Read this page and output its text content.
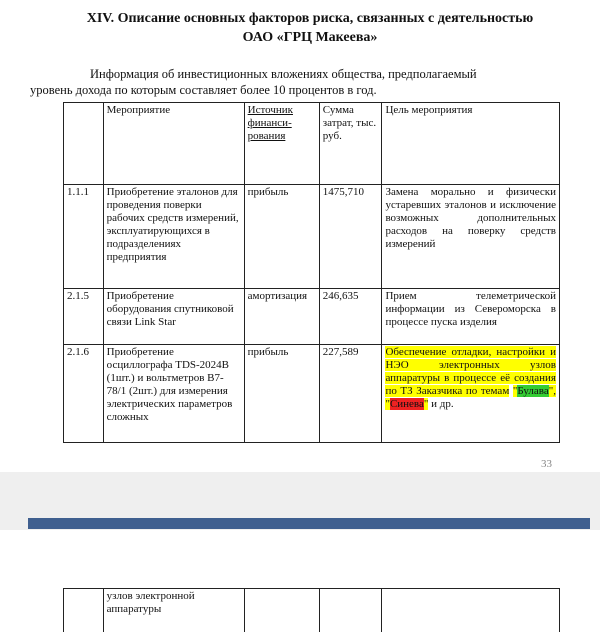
XIV. Описание основных факторов риска, связанных с деятельностью
ОАО «ГРЦ Макеева»
Информация об инвестиционных вложениях общества, предполагаемый
уровень дохода по которым составляет более 10 процентов в год.
	Мероприятие	Источник финанси-рования	Сумма затрат, тыс. руб.	Цель мероприятия
1.1.1	Приобретение эталонов для проведения поверки рабочих средств измерений, эксплуатирующихся в подразделениях предприятия	прибыль	1475,710	Замена морально и физически устаревших эталонов и исключение возможных дополнительных расходов на поверку средств измерений
2.1.5	Приобретение оборудования спутниковой связи Link Star	амортизация	246,635	Прием телеметрической информации из Североморска в процессе пуска изделия
2.1.6	Приобретение осциллографа TDS-2024B (1шт.) и вольтметров В7-78/1 (2шт.) для измерения электрических параметров сложных	прибыль	227,589	Обеспечение отладки, настройки и НЭО электронных узлов аппаратуры в процессе её создания по ТЗ Заказчика по темам "Булава", "Синева" и др.
33
	узлов электронной аппаратуры			
